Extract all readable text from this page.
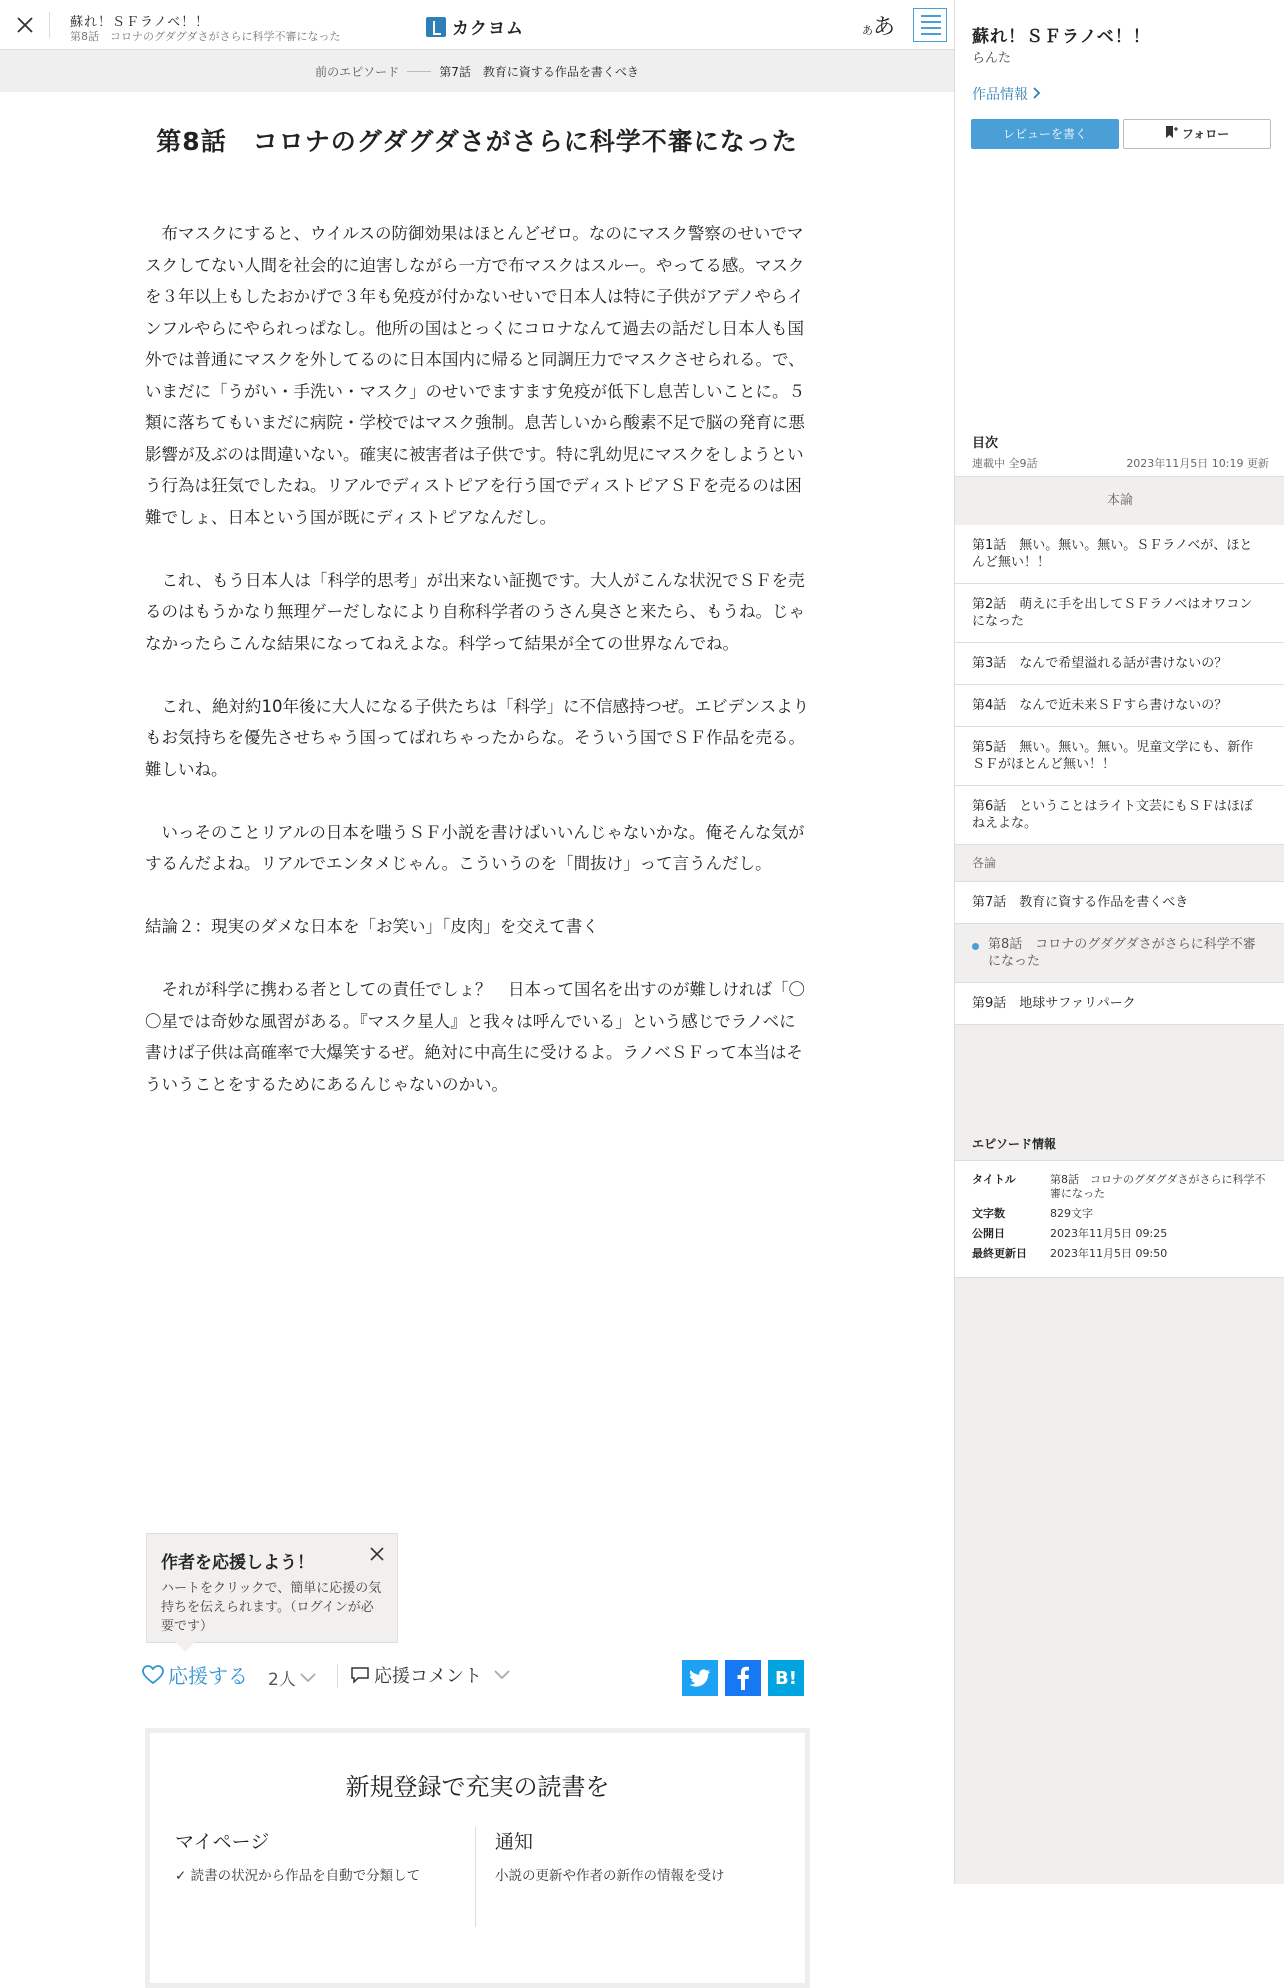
蘇れ！ＳＦラノベ！！
第8話　コロナのグダグダさがさらに科学不審になった	カクヨム	ああ
前のエピソード	第7話　教育に資する作品を書くべき
第8話　コロナのグダグダさがさらに科学不審になった

　布マスクにすると、ウイルスの防御効果はほとんどゼロ。なのにマスク警察のせいでマスクしてない人間を社会的に迫害しながら一方で布マスクはスルー。やってる感。マスクを３年以上もしたおかげで３年も免疫が付かないせいで日本人は特に子供がアデノやらインフルやらにやられっぱなし。他所の国はとっくにコロナなんて過去の話だし日本人も国外では普通にマスクを外してるのに日本国内に帰ると同調圧力でマスクさせられる。で、いまだに「うがい・手洗い・マスク」のせいでますます免疫が低下し息苦しいことに。５類に落ちてもいまだに病院・学校ではマスク強制。息苦しいから酸素不足で脳の発育に悪影響が及ぶのは間違いない。確実に被害者は子供です。特に乳幼児にマスクをしようという行為は狂気でしたね。リアルでディストピアを行う国でディストピアＳＦを売るのは困難でしょ、日本という国が既にディストピアなんだし。

　これ、もう日本人は「科学的思考」が出来ない証拠です。大人がこんな状況でＳＦを売るのはもうかなり無理ゲーだしなにより自称科学者のうさん臭さと来たら、もうね。じゃなかったらこんな結果になってねえよな。科学って結果が全ての世界なんでね。

　これ、絶対約10年後に大人になる子供たちは「科学」に不信感持つぜ。エビデンスよりもお気持ちを優先させちゃう国ってばれちゃったからな。そういう国でＳＦ作品を売る。難しいね。

　いっそのことリアルの日本を嗤うＳＦ小説を書けばいいんじゃないかな。俺そんな気がするんだよね。リアルでエンタメじゃん。こういうのを「間抜け」って言うんだし。

結論２：現実のダメな日本を「お笑い」「皮肉」を交えて書く

　それが科学に携わる者としての責任でしょ？　日本って国名を出すのが難しければ「〇〇星では奇妙な風習がある。『マスク星人』と我々は呼んでいる」という感じでラノベに書けば子供は高確率で大爆笑するぜ。絶対に中高生に受けるよ。ラノベＳＦって本当はそういうことをするためにあるんじゃないのかい。

作者を応援しよう！
ハートをクリックで、簡単に応援の気持ちを伝えられます。（ログインが必要です）
応援する 2人	応援コメント	B!
新規登録で充実の読書を
マイページ

✓ 読書の状況から作品を自動で分類して

通知

小説の更新や作者の新作の情報を受け

蘇れ！ＳＦラノベ！！
らんた
作品情報
レビューを書く	フォロー
目次
連載中 全9話	2023年11月5日 10:19 更新
本論
第1話　無い。無い。無い。ＳＦラノベが、ほとんど無い！！
第2話　萌えに手を出してＳＦラノベはオワコンになった
第3話　なんで希望溢れる話が書けないの？
第4話　なんで近未来ＳＦすら書けないの？
第5話　無い。無い。無い。児童文学にも、新作ＳＦがほとんど無い！！
第6話　ということはライト文芸にもＳＦはほぼねえよな。
各論
第7話　教育に資する作品を書くべき
第8話　コロナのグダグダさがさらに科学不審になった
第9話　地球サファリパーク
エピソード情報
タイトル	第8話　コロナのグダグダさがさらに科学不審になった
文字数	829文字
公開日	2023年11月5日 09:25
最終更新日	2023年11月5日 09:50
